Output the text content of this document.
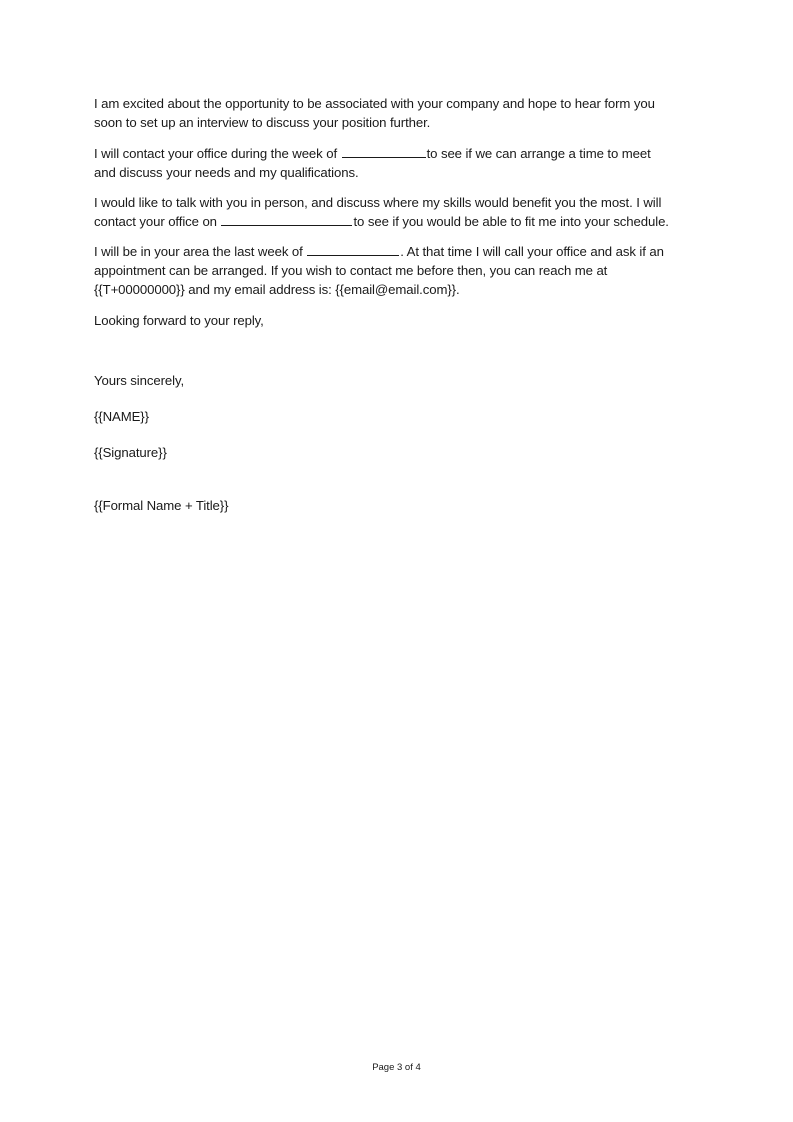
I am excited about the opportunity to be associated with your company and hope to hear form you
soon to set up an interview to discuss your position further.
I will contact your office during the week of	to see if we can arrange a time to meet
and discuss your needs and my qualifications.
I would like to talk with you in person, and discuss where my skills would benefit you the most. I will
contact your office on	to see if you would be able to fit me into your schedule.
I will be in your area the last week of	. At that time I will call your office and ask if an
appointment can be arranged. If you wish to contact me before then, you can reach me at
{{T+00000000}} and my email address is: {{email@email.com}}.
Looking forward to your reply,
Yours sincerely,
{{NAME}}
{{Signature}}
{{Formal Name + Title}}
Page 3 of 4
